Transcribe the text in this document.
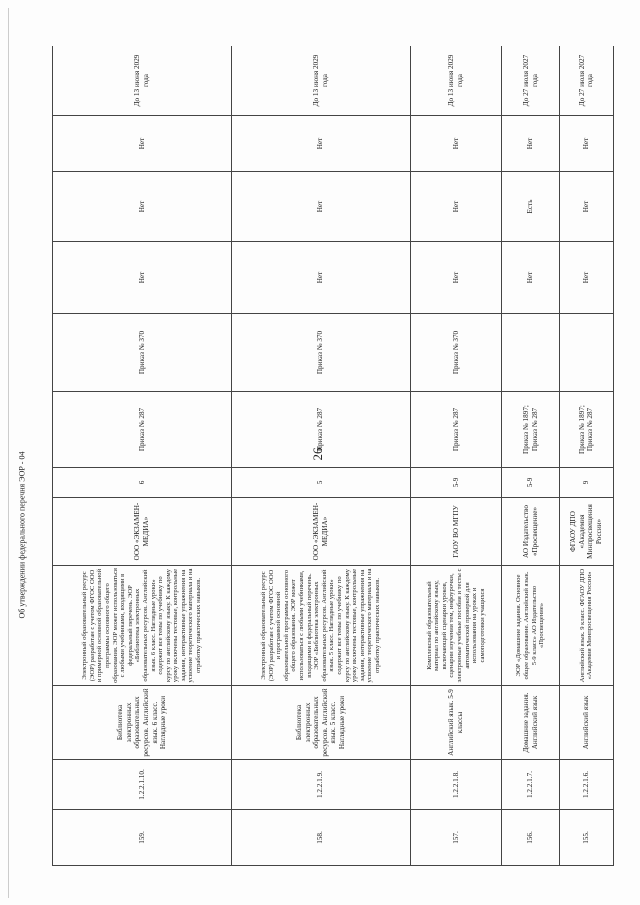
26
159.	1.2.2.1.10.	Библиотека электронных образовательных ресурсов. Английский язык. 6 класс. Наглядные уроки	Электронный образовательный ресурс (ЭОР) разработан с учетом ФГОС ООО и примерной основной образовательной программы основного общего образования. ЭОР может использоваться с любыми учебниками, входящими в федеральный перечень. ЭОР «Библиотека электронных образовательных ресурсов. Английский язык. 6 класс. Наглядные уроки» содержит все темы по учебнику по курсу по английскому языку. К каждому уроку включены тестовые, контрольные задания, интерактивные упражнения на усвоение теоретического материала и на отработку практических навыков.	ООО «ЭКЗАМЕН-МЕДИА»	6	Приказ № 287	Приказ № 370	Нет	Нет	Нет	До 13 июня 2029 года
158.	1.2.2.1.9.	Библиотека электронных образовательных ресурсов. Английский язык. 5 класс. Наглядные уроки	Электронный образовательный ресурс (ЭОР) разработан с учетом ФГОС ООО и программой основной образовательной программы основного общего образования. ЭОР может использоваться с любыми учебниками, входящими в федеральный перечень. ЭОР «Библиотека электронных образовательных ресурсов. Английский язык. 5 класс. Наглядные уроки» содержит все темы по учебнику по курсу по английскому языку. К каждому уроку включены тестовые, контрольные задания, интерактивные упражнения на усвоение теоретического материала и на отработку практических навыков.	ООО «ЭКЗАМЕН-МЕДИА»	5	Приказ № 287	Приказ № 370	Нет	Нет	Нет	До 13 июня 2029 года
157.	1.2.2.1.8.	Английский язык. 5-9 классы	Комплексный образовательный материал по английскому языку, включающий сценарии уроков, сценарии изучения тем, инфоурочки, электронные учебные пособия и тесты с автоматической проверкой для использования на уроках и самоподготовки учащихся	ГАОУ ВО МГПУ	5-9	Приказ № 287	Приказ № 370	Нет	Нет	Нет	До 13 июня 2029 года
156.	1.2.2.1.7.	Домашние задания. Английский язык	ЭОР «Домашние задания. Основное общее образование. Английский язык. 5-9 класс» АО Издательство «Просвещение»	АО Издательство «Просвещение»	5-9	Приказ № 1897; Приказ № 287		Нет	Есть	Нет	До 27 июля 2027 года
155.	1.2.2.1.6.	Английский язык	Английский язык. 9 класс. ФГАОУ ДПО «Академия Минпросвещения России»	ФГАОУ ДПО «Академия Минпросвещения России»	9	Приказ № 1897; Приказ № 287		Нет	Нет	Нет	До 27 июля 2027 года
Об утверждении федерального перечня ЭОР - 04
